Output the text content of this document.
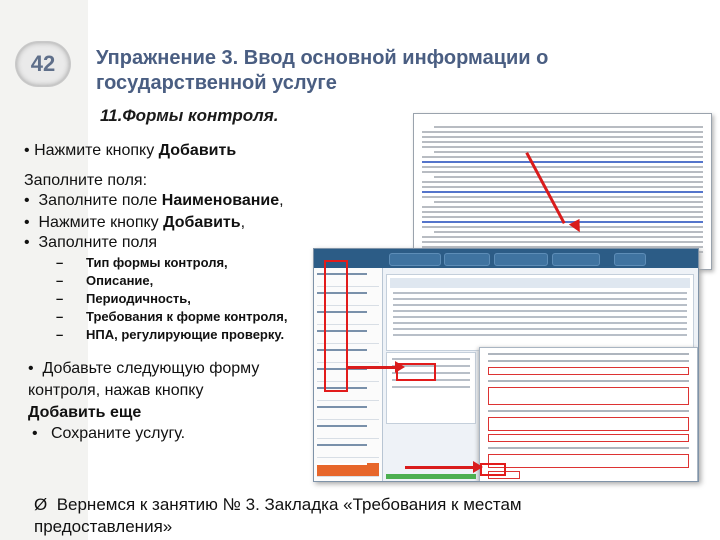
42 Упражнение 3. Ввод основной информации о государственной услуге
11.Формы контроля.

• Нажмите кнопку Добавить
Заполните поля:
• Заполните поле Наименование,
• Нажмите кнопку Добавить,
• Заполните поля
– Тип формы контроля,
– Описание,
– Периодичность,
– Требования к форме контроля,
– НПА, регулирующие проверку.
• Добавьте следующую форму
контроля, нажав кнопку
Добавить еще
• Сохраните услугу.
Ø Вернемся к занятию № 3. Закладка «Требования к местам
предоставления»
